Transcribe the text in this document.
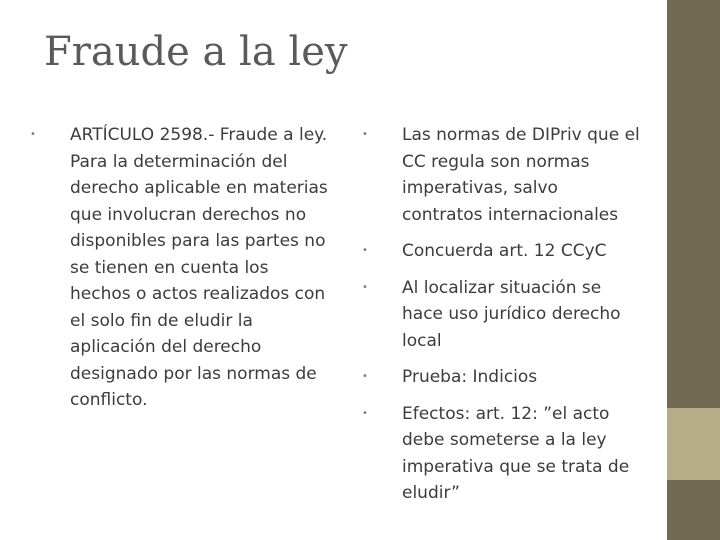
Fraude a la ley
• ARTÍCULO 2598.- Fraude a ley. Para la determinación del derecho aplicable en materias que involucran derechos no disponibles para las partes no se tienen en cuenta los hechos o actos realizados con el solo fin de eludir la aplicación del derecho designado por las normas de conflicto.
• Las normas de DIPriv que el CC regula son normas imperativas, salvo contratos internacionales
• Concuerda art. 12 CCyC
• Al localizar situación se hace uso jurídico derecho local
• Prueba: Indicios
• Efectos: art. 12: ”el acto debe someterse a la ley imperativa que se trata de eludir”
